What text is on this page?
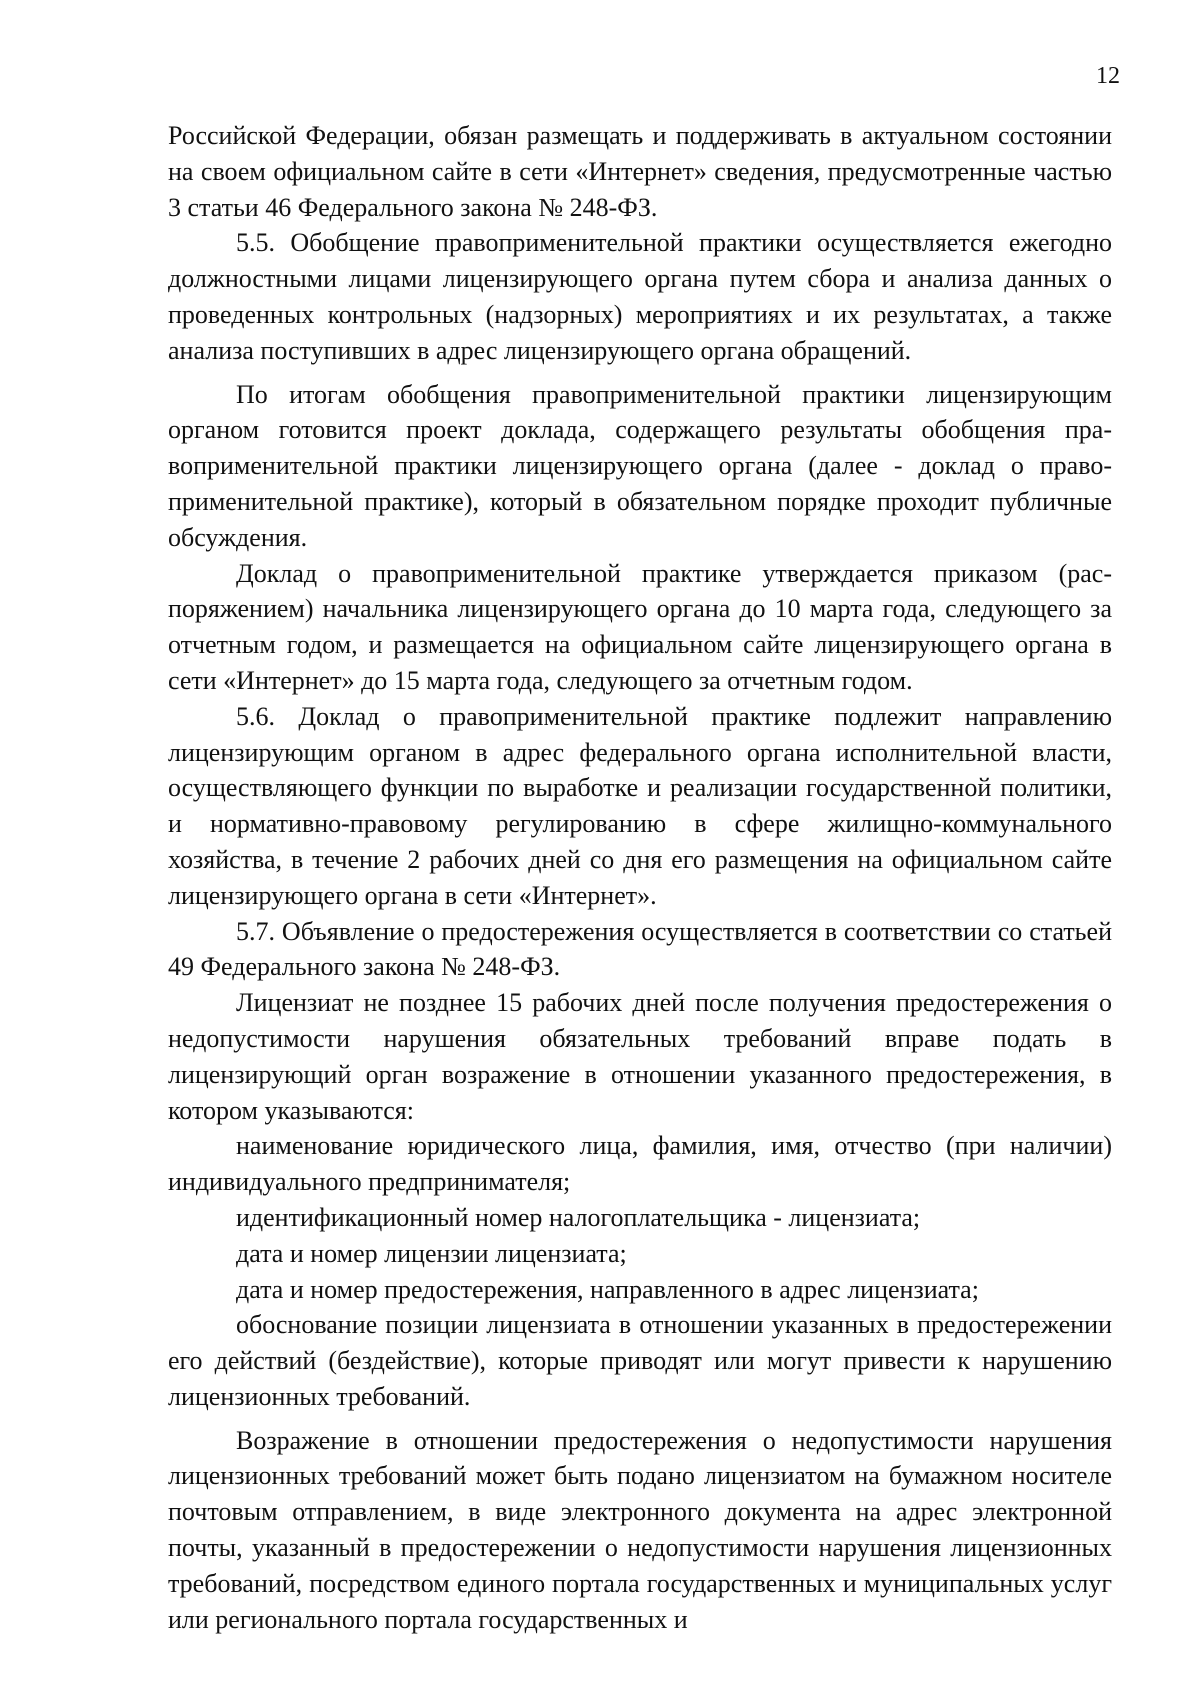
12

Российской Федерации, обязан размещать и поддерживать в актуальном состоянии на своем официальном сайте в сети «Интернет» сведения, предусмотренные частью 3 статьи 46 Федерального закона № 248-ФЗ.

5.5. Обобщение правоприменительной практики осуществляется ежегодно должностными лицами лицензирующего органа путем сбора и анализа данных о проведенных контрольных (надзорных) мероприятиях и их результатах, а также анализа поступивших в адрес лицензирующего органа обращений.

По итогам обобщения правоприменительной практики лицензирующим органом готовится проект доклада, содержащего результаты обобщения правоприменительной практики лицензирующего органа (далее - доклад о правоприменительной практике), который в обязательном порядке проходит публичные обсуждения.

Доклад о правоприменительной практике утверждается приказом (распоряжением) начальника лицензирующего органа до 10 марта года, следующего за отчетным годом, и размещается на официальном сайте лицензирующего органа в сети «Интернет» до 15 марта года, следующего за отчетным годом.

5.6. Доклад о правоприменительной практике подлежит направлению лицензирующим органом в адрес федерального органа исполнительной власти, осуществляющего функции по выработке и реализации государственной политики, и нормативно-правовому регулированию в сфере жилищно-коммунального хозяйства, в течение 2 рабочих дней со дня его размещения на официальном сайте лицензирующего органа в сети «Интернет».

5.7. Объявление о предостережения осуществляется в соответствии со статьей 49 Федерального закона № 248-ФЗ.

Лицензиат не позднее 15 рабочих дней после получения предостережения о недопустимости нарушения обязательных требований вправе подать в лицензирующий орган возражение в отношении указанного предостережения, в котором указываются:

наименование юридического лица, фамилия, имя, отчество (при наличии) индивидуального предпринимателя;

идентификационный номер налогоплательщика - лицензиата;

дата и номер лицензии лицензиата;

дата и номер предостережения, направленного в адрес лицензиата;

обоснование позиции лицензиата в отношении указанных в предостережении его действий (бездействие), которые приводят или могут привести к нарушению лицензионных требований.

Возражение в отношении предостережения о недопустимости нарушения лицензионных требований может быть подано лицензиатом на бумажном носителе почтовым отправлением, в виде электронного документа на адрес электронной почты, указанный в предостережении о недопустимости нарушения лицензионных требований, посредством единого портала государственных и муниципальных услуг или регионального портала государственных и
